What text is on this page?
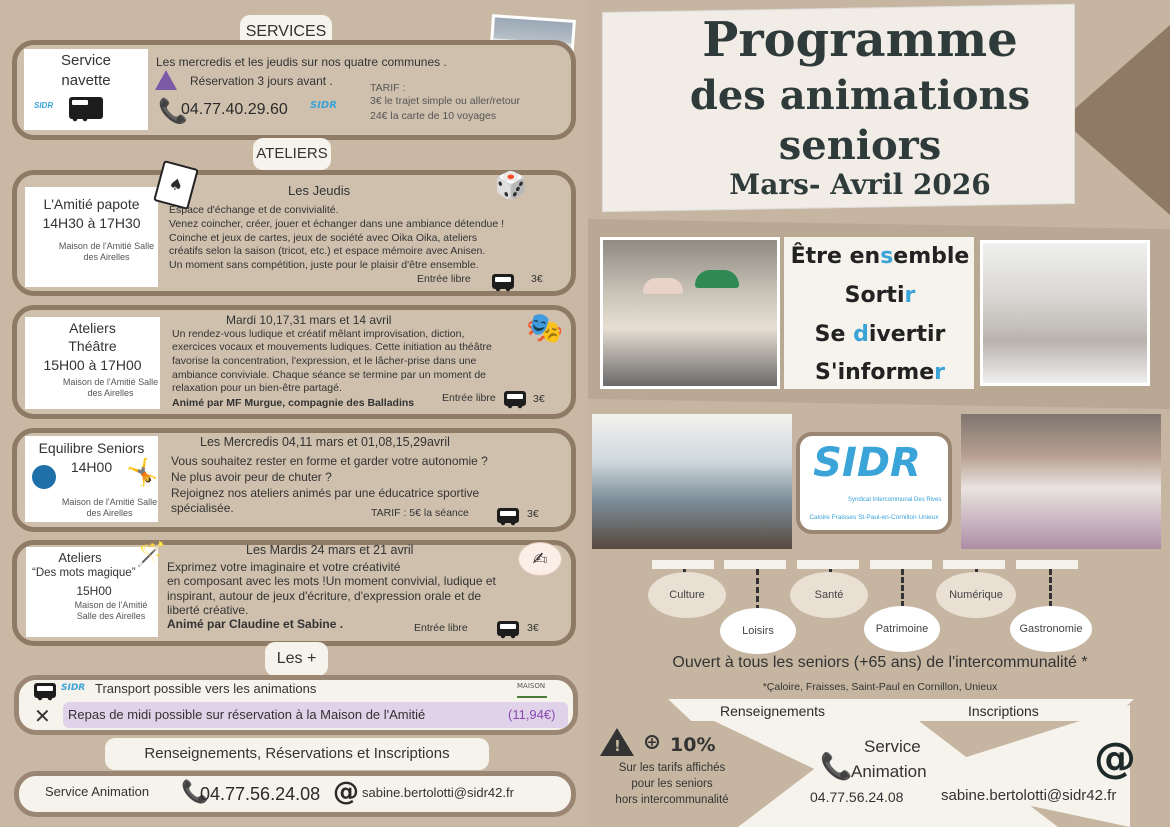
SERVICES
Service navette
SIDR
Les mercredis et les jeudis sur nos quatre communes .
Réservation 3 jours avant .
📞
04.77.40.29.60 SIDR
TARIF :
3€ le trajet simple ou aller/retour
24€ la carte de 10 voyages
ATELIERS
L'Amitié papote
14H30 à 17H30
Maison de l'Amitié Salle des Airelles
♠	🎲
Les Jeudis
Espace d'échange et de convivialité.
Venez coincher, créer, jouer et échanger dans une ambiance détendue !
Coinche et jeux de cartes, jeux de société avec Oika Oika, ateliers
créatifs selon la saison (tricot, etc.) et espace mémoire avec Anisen.
Un moment sans compétition, juste pour le plaisir d'être ensemble.
Entrée libre	3€
Ateliers
Théâtre
15H00 à 17H00
Maison de l'Amitié Salle des Airelles
🎭
Mardi 10,17,31 mars et 14 avril
Un rendez-vous ludique et créatif mêlant improvisation, diction,
exercices vocaux et mouvements ludiques. Cette initiation au théâtre
favorise la concentration, l'expression, et le lâcher-prise dans une
ambiance conviviale. Chaque séance se termine par un moment de
relaxation pour un bien-être partagé.
Animé par MF Murgue, compagnie des Balladins	Entrée libre	3€
Equilibre Seniors
14H00
Maison de l'Amitié Salle des Airelles
🤸
Les Mercredis 04,11 mars et 01,08,15,29avril
Vous souhaitez rester en forme et garder votre autonomie ?
Ne plus avoir peur de chuter ?
Rejoignez nos ateliers animés par une éducatrice sportive
spécialisée.	TARIF : 5€ la séance	3€
Ateliers
“Des mots magique”
15H00
Maison de l'Amitié Salle des Airelles
🪄	✍
Les Mardis 24 mars et 21 avril
Exprimez votre imaginaire et votre créativité
en composant avec les mots !Un moment convivial, ludique et
inspirant, autour de jeux d'écriture, d'expression orale et de
liberté créative.
Animé par Claudine et Sabine .	Entrée libre	3€
Les +
SIDR Transport possible vers les animations	MAISON
✕ Repas de midi possible sur réservation à la Maison de l'Amitié	(11,94€)
Renseignements, Réservations et Inscriptions
Service Animation 📞
04.77.56.24.08 @ sabine.bertolotti@sidr42.fr
Programme
des animations
seniors
Mars- Avril 2026
Être ensemble
Sortir
Se divertir
S'informer
SIDR
Syndicat Intercommunal Des Rives
Caloire Fraisses St-Paul-en-Cornillon Unieux
Culture
Loisirs
Santé
Patrimoine
Numérique
Gastronomie
Ouvert à tous les seniors (+65 ans) de l'intercommunalité *
*Çaloire, Fraisses, Saint-Paul en Cornillon, Unieux
Renseignements	Inscriptions
! + 10%
Sur les tarifs affichés
pour les seniors
hors intercommunalité
Service
📞
Animation
04.77.56.24.08
@
sabine.bertolotti@sidr42.fr
